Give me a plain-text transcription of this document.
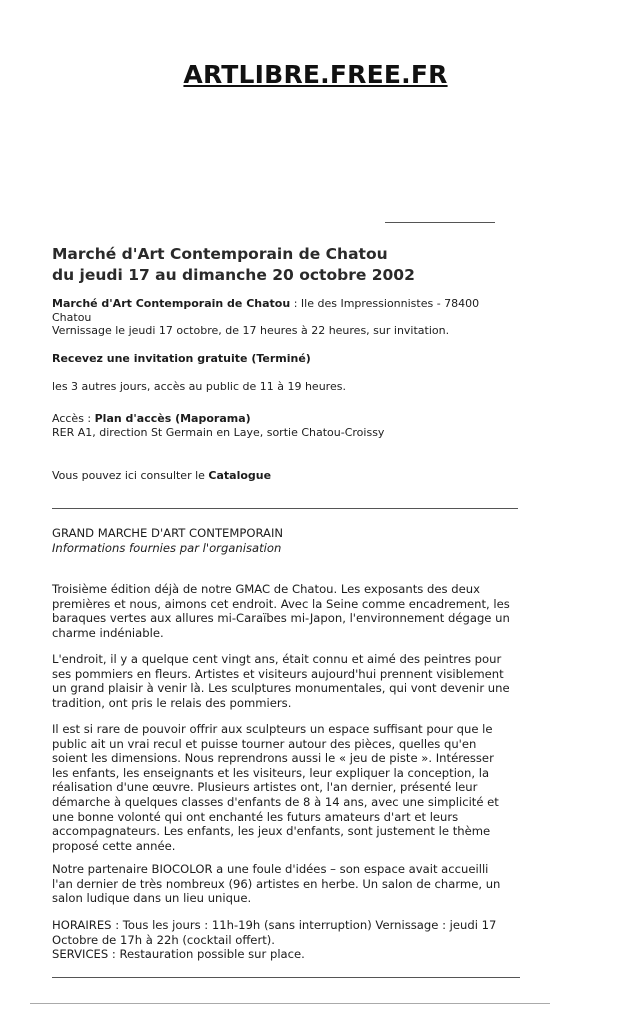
ARTLIBRE.FREE.FR
Marché d'Art Contemporain de Chatou
du jeudi 17 au dimanche 20 octobre 2002

Marché d'Art Contemporain de Chatou : Ile des Impressionnistes - 78400

Chatou

Vernissage le jeudi 17 octobre, de 17 heures à 22 heures, sur invitation.

Recevez une invitation gratuite (Terminé)
les 3 autres jours, accès au public de 11 à 19 heures.

Accès : Plan d'accès (Maporama)

RER A1, direction St Germain en Laye, sortie Chatou-Croissy

Vous pouvez ici consulter le Catalogue

GRAND MARCHE D'ART CONTEMPORAIN

Informations fournies par l'organisation

Troisième édition déjà de notre GMAC de Chatou. Les exposants des deux

premières et nous, aimons cet endroit. Avec la Seine comme encadrement, les

baraques vertes aux allures mi-Caraïbes mi-Japon, l'environnement dégage un

charme indéniable.

L'endroit, il y a quelque cent vingt ans, était connu et aimé des peintres pour

ses pommiers en fleurs. Artistes et visiteurs aujourd'hui prennent visiblement

un grand plaisir à venir là. Les sculptures monumentales, qui vont devenir une

tradition, ont pris le relais des pommiers.

Il est si rare de pouvoir offrir aux sculpteurs un espace suffisant pour que le

public ait un vrai recul et puisse tourner autour des pièces, quelles qu'en

soient les dimensions. Nous reprendrons aussi le « jeu de piste ». Intéresser

les enfants, les enseignants et les visiteurs, leur expliquer la conception, la

réalisation d'une œuvre. Plusieurs artistes ont, l'an dernier, présenté leur

démarche à quelques classes d'enfants de 8 à 14 ans, avec une simplicité et

une bonne volonté qui ont enchanté les futurs amateurs d'art et leurs

accompagnateurs. Les enfants, les jeux d'enfants, sont justement le thème

proposé cette année.

Notre partenaire BIOCOLOR a une foule d'idées – son espace avait accueilli

l'an dernier de très nombreux (96) artistes en herbe. Un salon de charme, un

salon ludique dans un lieu unique.

HORAIRES : Tous les jours : 11h-19h (sans interruption) Vernissage : jeudi 17

Octobre de 17h à 22h (cocktail offert).

SERVICES : Restauration possible sur place.
